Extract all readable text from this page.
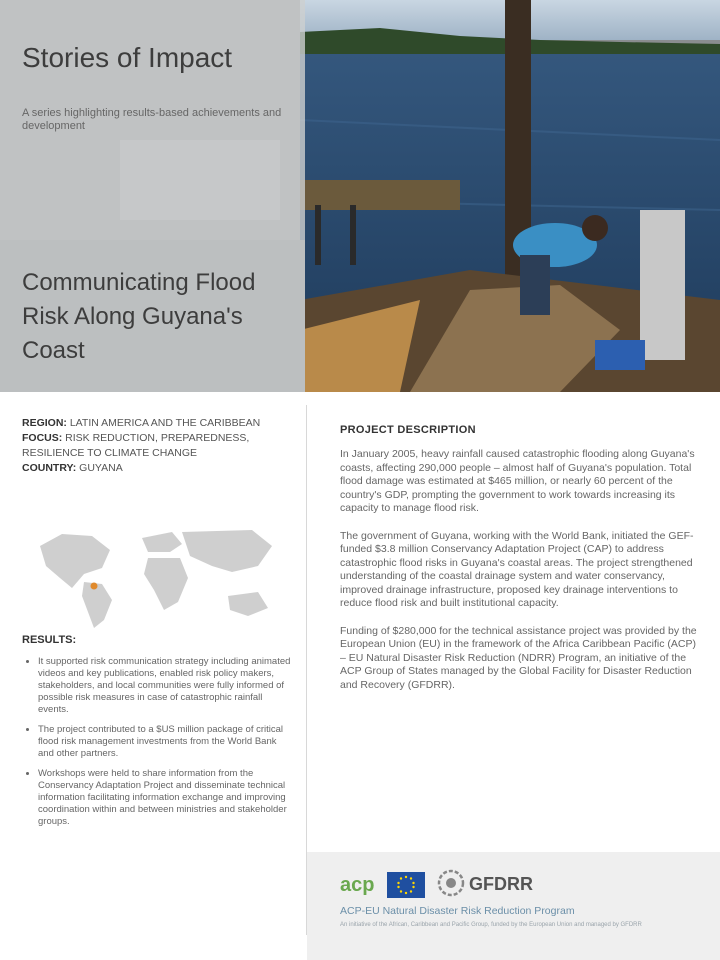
Stories of Impact

A series highlighting results-based achievements and development

Communicating Flood Risk Along Guyana's Coast
REGION: LATIN AMERICA AND THE CARIBBEAN
FOCUS: RISK REDUCTION, PREPAREDNESS, RESILIENCE TO CLIMATE CHANGE
COUNTRY: GUYANA
RESULTS:
• It supported risk communication strategy including animated videos and key publications, enabled risk policy makers, stakeholders, and local communities were fully informed of possible risk measures in case of catastrophic rainfall events.
• The project contributed to a $US million package of critical flood risk management investments from the World Bank and other partners.
• Workshops were held to share information from the Conservancy Adaptation Project and disseminate technical information facilitating information exchange and improving coordination within and between ministries and stakeholder groups.
PROJECT DESCRIPTION

In January 2005, heavy rainfall caused catastrophic flooding along Guyana's coasts, affecting 290,000 people – almost half of Guyana's population. Total flood damage was estimated at $465 million, or nearly 60 percent of the country's GDP, prompting the government to work towards increasing its capacity to manage flood risk.

The government of Guyana, working with the World Bank, initiated the GEF-funded $3.8 million Conservancy Adaptation Project (CAP) to address catastrophic flood risks in Guyana's coastal areas. The project strengthened understanding of the coastal drainage system and water conservancy, improved drainage infrastructure, proposed key drainage interventions to reduce flood risk and built institutional capacity.

Funding of $280,000 for the technical assistance project was provided by the European Union (EU) in the framework of the Africa Caribbean Pacific (ACP) – EU Natural Disaster Risk Reduction (NDRR) Program, an initiative of the ACP Group of States managed by the Global Facility for Disaster Reduction and Recovery (GFDRR).

acp	GFDRR
ACP-EU Natural Disaster Risk Reduction Program
An initiative of the African, Caribbean and Pacific Group, funded by the European Union and managed by GFDRR
